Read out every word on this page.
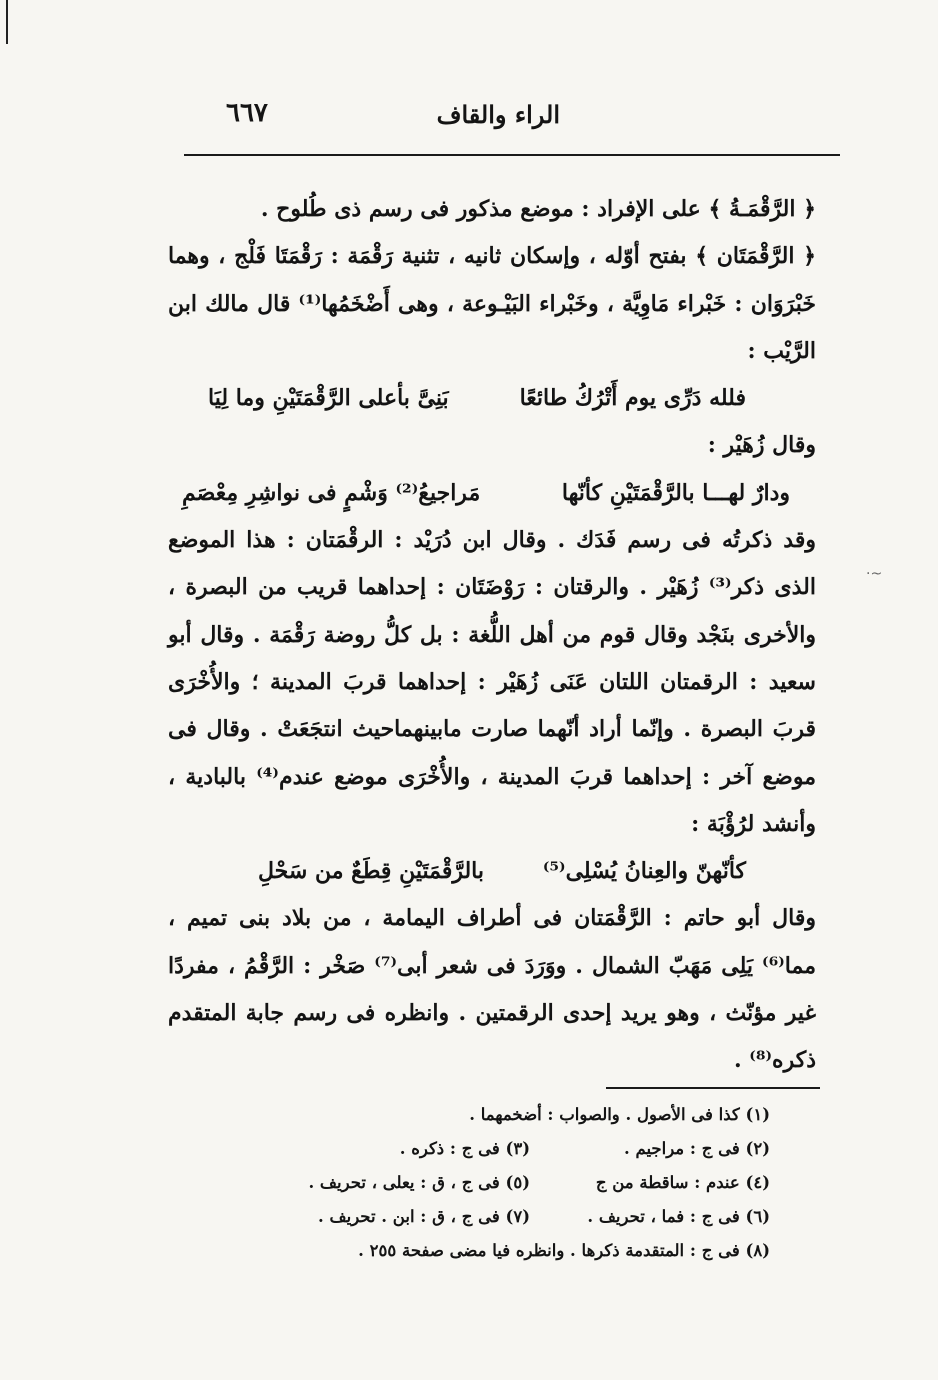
·~
الراء والقاف
٦٦٧

﴿ الرَّقْمَـةُ ﴾ على الإفراد : موضع مذكور فى رسم ذى طُلوح .

﴿ الرَّقْمَتَان ﴾ بفتح أوّله ، وإسكان ثانيه ، تثنية رَقْمَة : رَقْمَتَا فَلْج ، وهما خَبْرَوَان : خَبْراء مَاوِيَّة ، وخَبْراء البَيْـوعة ، وهى أَضْخَمُها⁽¹⁾ قال مالك ابن الرَّيْب :

فلله دَرِّى يوم أَتْرُكُ طائعًا
بَنِىَّ بأعلى الرَّقْمَتَيْنِ وما لِيَا

وقال زُهَيْر :

ودارٌ لهـــا بالرَّقْمَتَيْنِ كأنّها
مَراجيعُ⁽²⁾ وَشْمٍ فى نواشِرِ مِعْصَمِ

وقد ذكرتُه فى رسم فَدَك . وقال ابن دُرَيْد : الرقْمَتان : هذا الموضع الذى ذكر⁽³⁾ زُهَيْر . والرقتان : رَوْضَتَان : إحداهما قريب من البصرة ، والأخرى بنَجْد وقال قوم من أهل اللُّغة : بل كلُّ روضة رَقْمَة . وقال أبو سعيد : الرقمتان اللتان عَنَى زُهَيْر : إحداهما قربَ المدينة ؛ والأُخْرَى قربَ البصرة . وإنّما أراد أنّهما صارت مابينهماحيث انتجَعَتْ . وقال فى موضع آخر : إحداهما قربَ المدينة ، والأُخْرَى موضع عندم⁽⁴⁾ بالبادية ، وأنشد لرُؤْبَة :

كأنّهنّ والعِنانُ يُسْلِى⁽⁵⁾
بالرَّقْمَتَيْنِ قِطَعٌ من سَحْلِ

وقال أبو حاتم : الرَّقْمَتان فى أطراف اليمامة ، من بلاد بنى تميم ، مما⁽⁶⁾ يَلِى مَهَبّ الشمال . ووَرَدَ فى شعر أبى⁽⁷⁾ صَخْر : الرَّقْمُ ، مفردًا غير مؤنّث ، وهو يريد إحدى الرقمتين . وانظره فى رسم جابة المتقدم ذكره⁽⁸⁾ .

(١) كذا فى الأصول . والصواب : أضخمهما .
(٢) فى ج : مراجيم .
(٣) فى ج : ذكره .
(٤) عندم : ساقطة من ج
(٥) فى ج ، ق : يعلى ، تحريف .
(٦) فى ج : فما ، تحريف .
(٧) فى ج ، ق : ابن . تحريف .
(٨) فى ج : المتقدمة ذكرها . وانظره فيا مضى صفحة ٢٥٥ .
